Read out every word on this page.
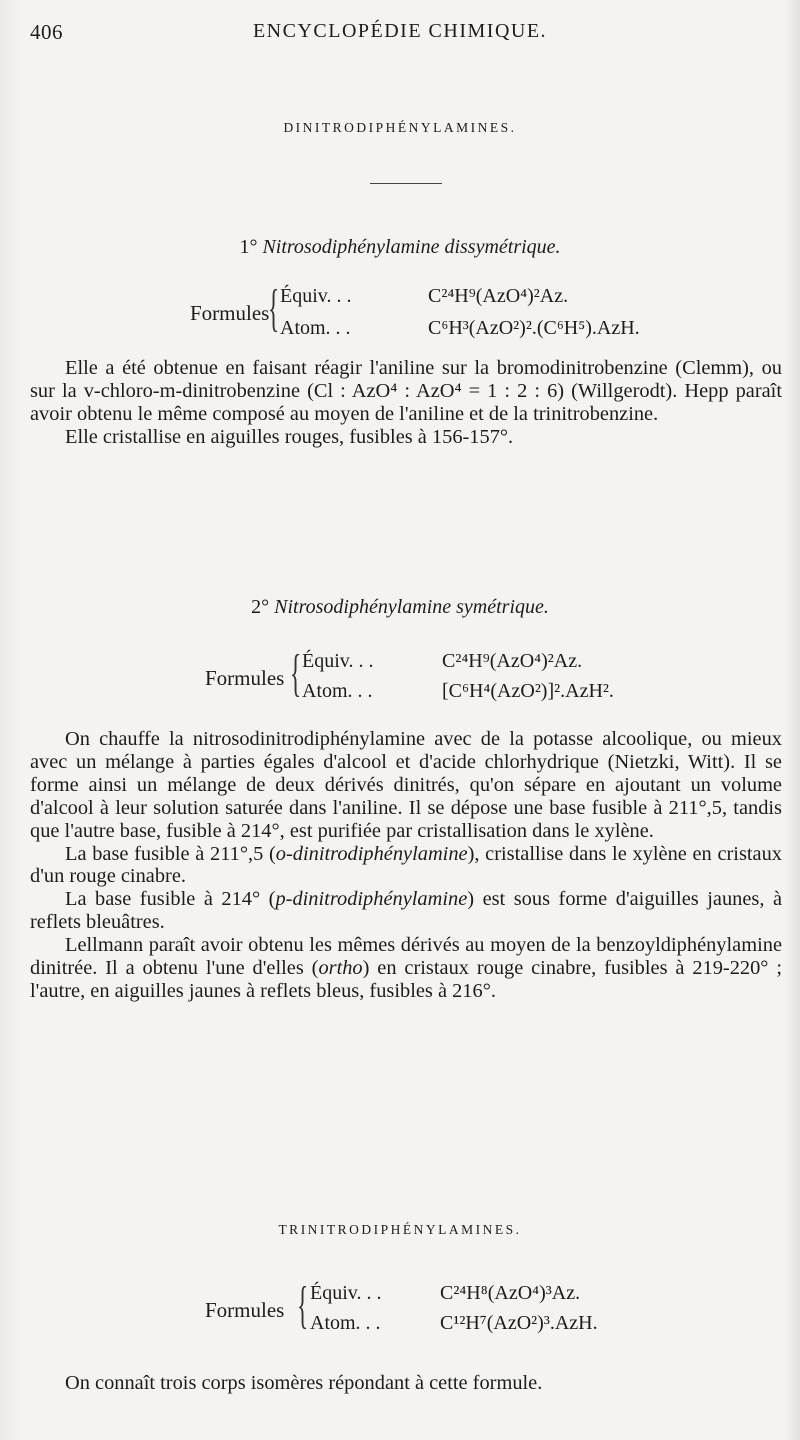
406	ENCYCLOPÉDIE CHIMIQUE.
DINITRODIPHÉNYLAMINES.
1° Nitrosodiphénylamine dissymétrique.
Formules
{ Équiv. . .	C²⁴H⁹(AzO⁴)²Az.
Atom. . .	C⁶H³(AzO²)².(C⁶H⁵).AzH.

Elle a été obtenue en faisant réagir l'aniline sur la bromodinitrobenzine (Clemm), ou sur la v-chloro-m-dinitrobenzine (Cl : AzO⁴ : AzO⁴ = 1 : 2 : 6) (Willgerodt). Hepp paraît avoir obtenu le même composé au moyen de l'aniline et de la trinitrobenzine.

Elle cristallise en aiguilles rouges, fusibles à 156-157°.

2° Nitrosodiphénylamine symétrique.
Formules { Équiv. . .	C²⁴H⁹(AzO⁴)²Az.
Atom. . .	[C⁶H⁴(AzO²)]².AzH².

On chauffe la nitrosodinitrodiphénylamine avec de la potasse alcoolique, ou mieux avec un mélange à parties égales d'alcool et d'acide chlorhydrique (Nietzki, Witt). Il se forme ainsi un mélange de deux dérivés dinitrés, qu'on sépare en ajoutant un volume d'alcool à leur solution saturée dans l'aniline. Il se dépose une base fusible à 211°,5, tandis que l'autre base, fusible à 214°, est purifiée par cristallisation dans le xylène.

La base fusible à 211°,5 (o-dinitrodiphénylamine), cristallise dans le xylène en cristaux d'un rouge cinabre.

La base fusible à 214° (p-dinitrodiphénylamine) est sous forme d'aiguilles jaunes, à reflets bleuâtres.

Lellmann paraît avoir obtenu les mêmes dérivés au moyen de la benzoyldiphénylamine dinitrée. Il a obtenu l'une d'elles (ortho) en cristaux rouge cinabre, fusibles à 219-220° ; l'autre, en aiguilles jaunes à reflets bleus, fusibles à 216°.

TRINITRODIPHÉNYLAMINES.
Formules { Équiv. . .	C²⁴H⁸(AzO⁴)³Az.
Atom. . .	C¹²H⁷(AzO²)³.AzH.

On connaît trois corps isomères répondant à cette formule.
